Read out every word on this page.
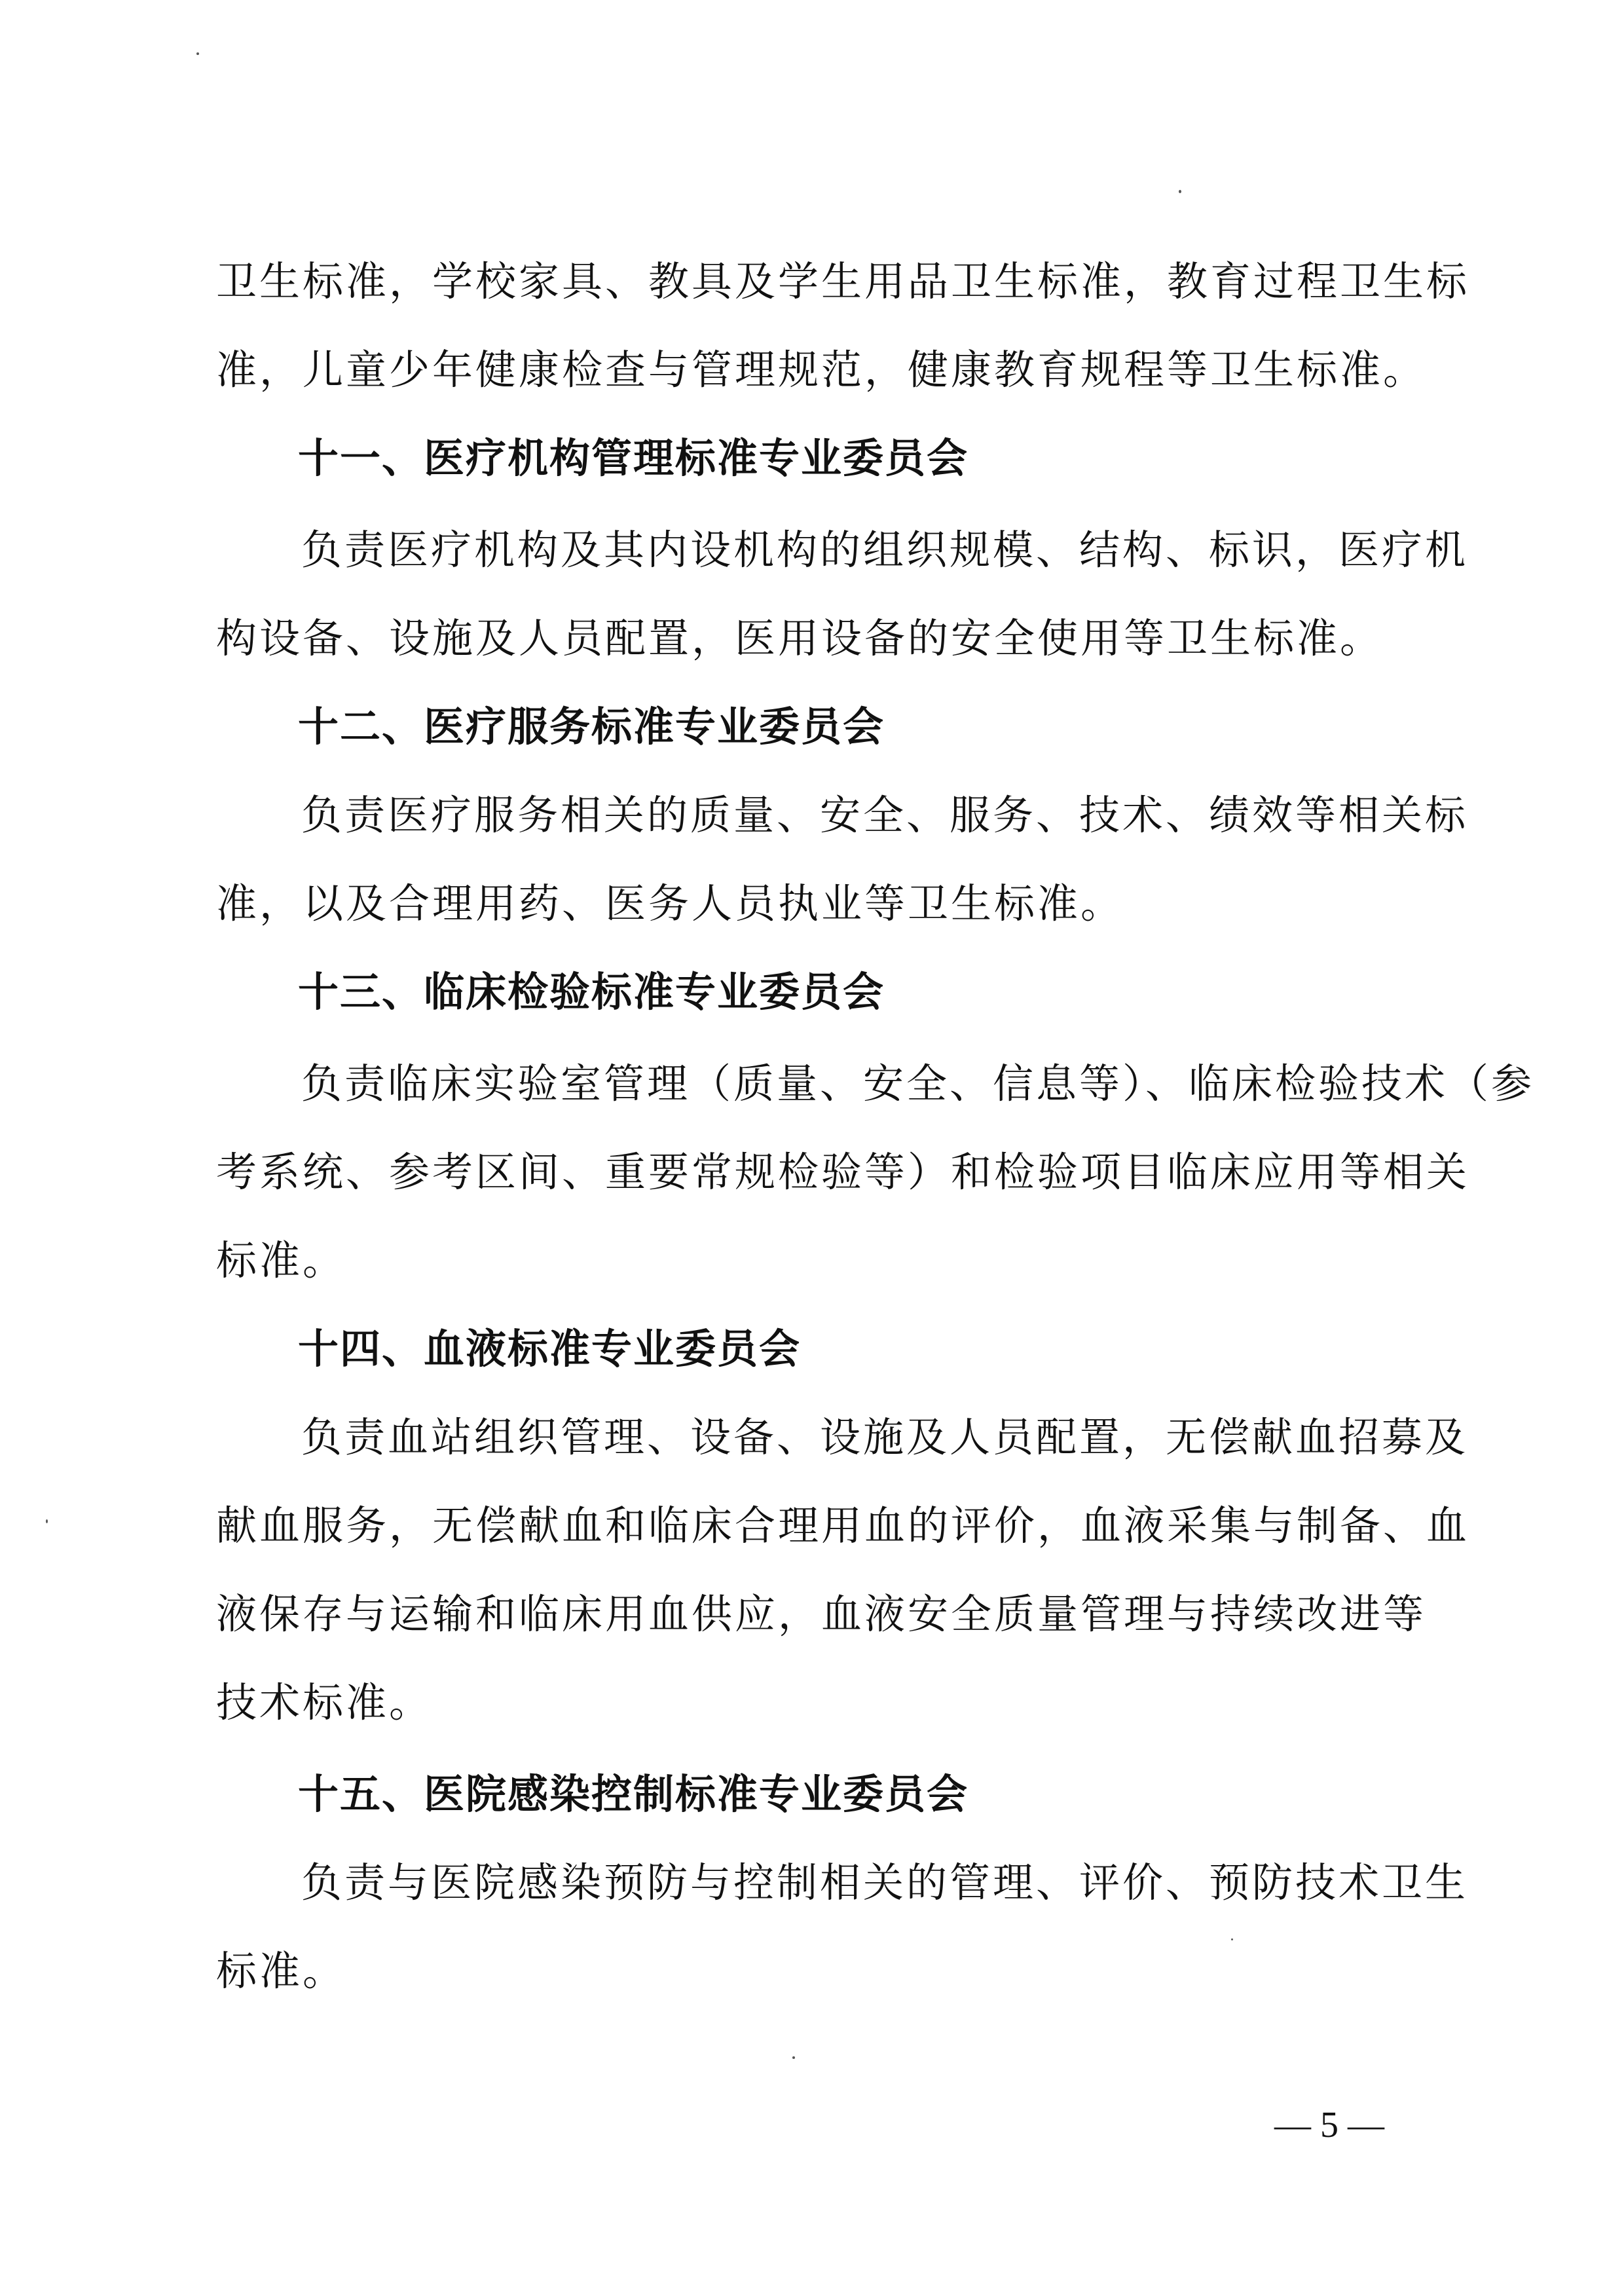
卫生标准，学校家具、教具及学生用品卫生标准，教育过程卫生标
准，儿童少年健康检查与管理规范，健康教育规程等卫生标准。
十一、医疗机构管理标准专业委员会
负责医疗机构及其内设机构的组织规模、结构、标识，医疗机
构设备、设施及人员配置，医用设备的安全使用等卫生标准。
十二、医疗服务标准专业委员会
负责医疗服务相关的质量、安全、服务、技术、绩效等相关标
准，以及合理用药、医务人员执业等卫生标准。
十三、临床检验标准专业委员会
负责临床实验室管理（质量、安全、信息等）、临床检验技术（参
考系统、参考区间、重要常规检验等）和检验项目临床应用等相关
标准。
十四、血液标准专业委员会
负责血站组织管理、设备、设施及人员配置，无偿献血招募及
献血服务，无偿献血和临床合理用血的评价，血液采集与制备、血
液保存与运输和临床用血供应，血液安全质量管理与持续改进等
技术标准。
十五、医院感染控制标准专业委员会
负责与医院感染预防与控制相关的管理、评价、预防技术卫生
标准。
— 5 —
